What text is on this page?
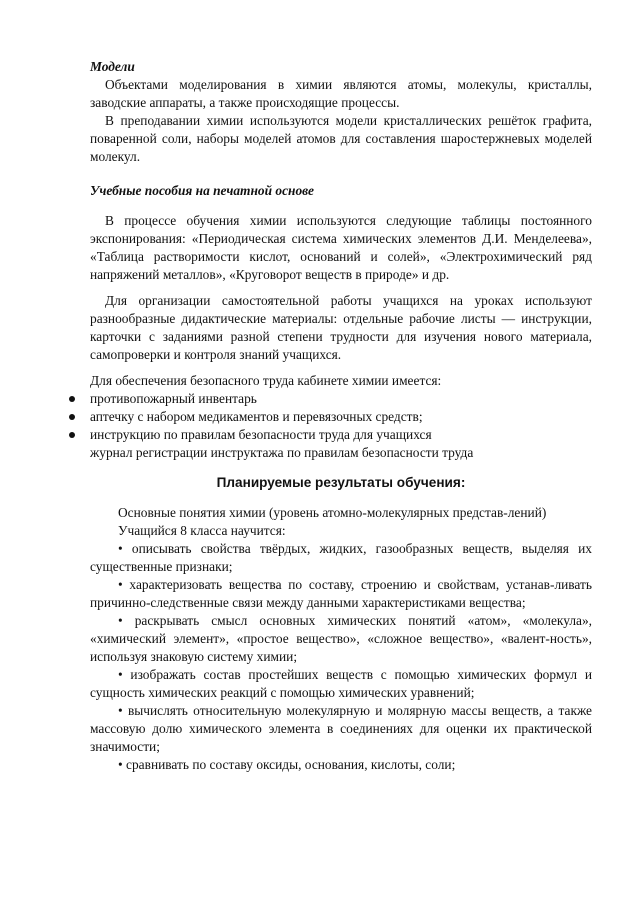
Модели

Объектами моделирования в химии являются атомы, молекулы, кристаллы, заводские аппараты, а также происходящие процессы.

В преподавании химии используются модели кристаллических решёток графита, поваренной соли, наборы моделей атомов для составления шаростержневых моделей молекул.

Учебные пособия на печатной основе

В процессе обучения химии используются следующие таблицы постоянного экспонирования: «Периодическая система химических элементов Д.И. Менделеева», «Таблица растворимости кислот, оснований и солей», «Электрохимический ряд напряжений металлов», «Круговорот веществ в природе» и др.

Для организации самостоятельной работы учащихся на уроках используют разнообразные дидактические материалы: отдельные рабочие листы — инструкции, карточки с заданиями разной степени трудности для изучения нового материала, самопроверки и контроля знаний учащихся.

Для обеспечения безопасного труда кабинете химии имеется:

противопожарный инвентарь
аптечку с набором медикаментов и перевязочных средств;
инструкцию по правилам безопасности труда для учащихся

журнал регистрации инструктажа по правилам безопасности труда

Планируемые результаты обучения:

Основные понятия химии (уровень атомно-молекулярных представ-лений)

Учащийся 8 класса научится:

• описывать свойства твёрдых, жидких, газообразных веществ, выделяя их существенные признаки;

• характеризовать вещества по составу, строению и свойствам, устанав-ливать причинно-следственные связи между данными характеристиками вещества;

• раскрывать смысл основных химических понятий «атом», «молекула», «химический элемент», «простое вещество», «сложное вещество», «валент-ность», используя знаковую систему химии;

• изображать состав простейших веществ с помощью химических формул и сущность химических реакций с помощью химических уравнений;

• вычислять относительную молекулярную и молярную массы веществ, а также массовую долю химического элемента в соединениях для оценки их практической значимости;

• сравнивать по составу оксиды, основания, кислоты, соли;
